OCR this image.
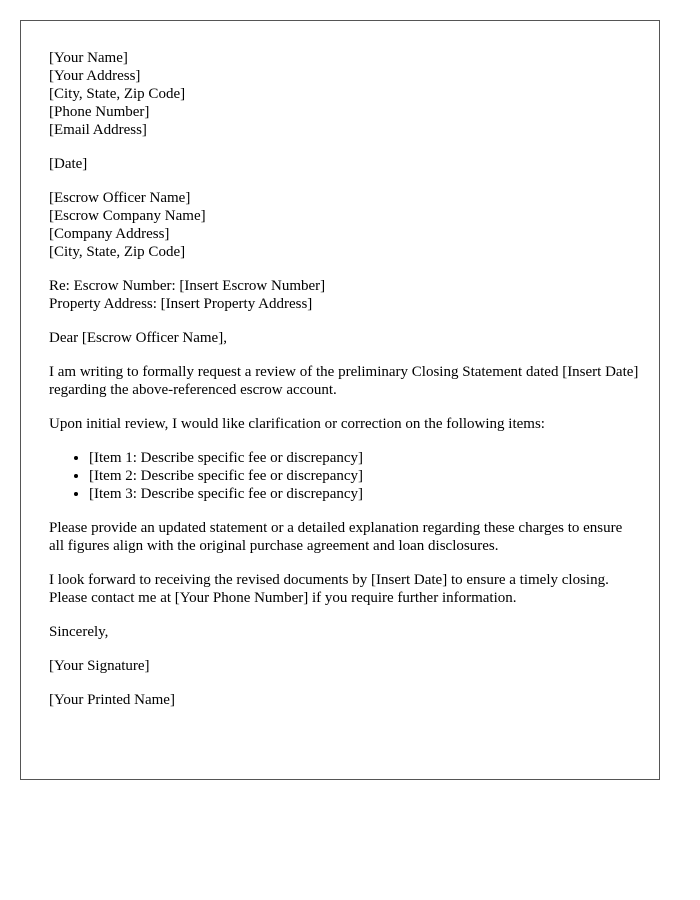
[Your Name]
[Your Address]
[City, State, Zip Code]
[Phone Number]
[Email Address]
[Date]
[Escrow Officer Name]
[Escrow Company Name]
[Company Address]
[City, State, Zip Code]
Re: Escrow Number: [Insert Escrow Number]
Property Address: [Insert Property Address]

Dear [Escrow Officer Name],

I am writing to formally request a review of the preliminary Closing Statement dated [Insert Date] regarding the above-referenced escrow account.

Upon initial review, I would like clarification or correction on the following items:

• [Item 1: Describe specific fee or discrepancy]
• [Item 2: Describe specific fee or discrepancy]
• [Item 3: Describe specific fee or discrepancy]

Please provide an updated statement or a detailed explanation regarding these charges to ensure all figures align with the original purchase agreement and loan disclosures.

I look forward to receiving the revised documents by [Insert Date] to ensure a timely closing. Please contact me at [Your Phone Number] if you require further information.

Sincerely,

[Your Signature]

[Your Printed Name]
